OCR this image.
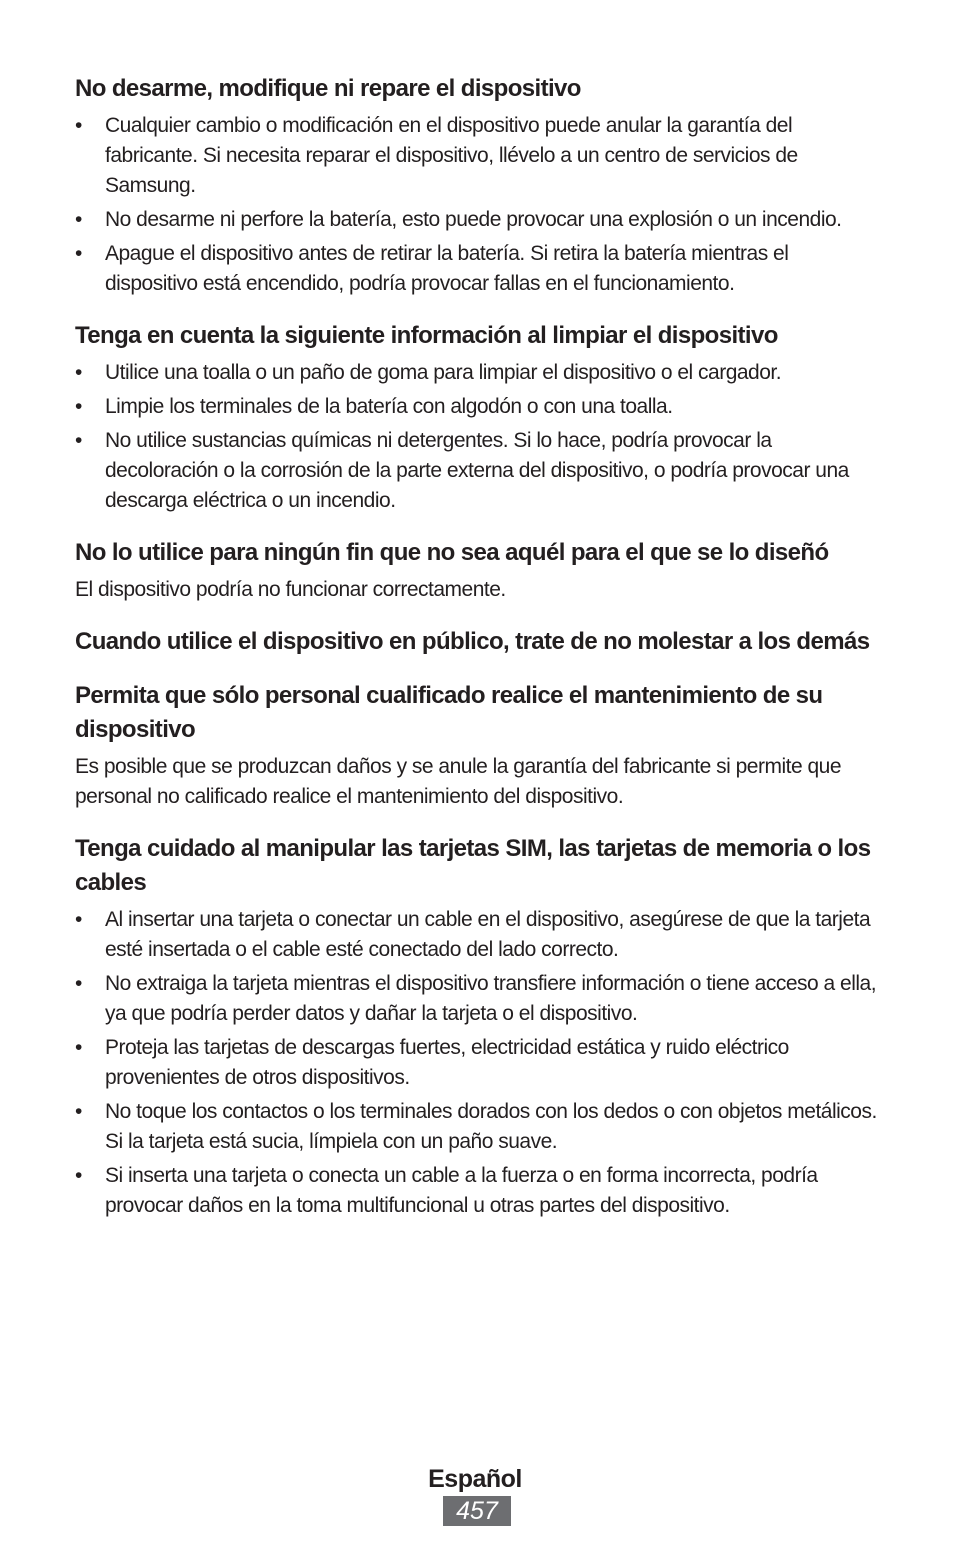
No desarme, modifique ni repare el dispositivo
• Cualquier cambio o modificación en el dispositivo puede anular la garantía del fabricante. Si necesita reparar el dispositivo, llévelo a un centro de servicios de Samsung.
• No desarme ni perfore la batería, esto puede provocar una explosión o un incendio.
• Apague el dispositivo antes de retirar la batería. Si retira la batería mientras el dispositivo está encendido, podría provocar fallas en el funcionamiento.
Tenga en cuenta la siguiente información al limpiar el dispositivo
• Utilice una toalla o un paño de goma para limpiar el dispositivo o el cargador.
• Limpie los terminales de la batería con algodón o con una toalla.
• No utilice sustancias químicas ni detergentes. Si lo hace, podría provocar la decoloración o la corrosión de la parte externa del dispositivo, o podría provocar una descarga eléctrica o un incendio.
No lo utilice para ningún fin que no sea aquél para el que se lo diseñó

El dispositivo podría no funcionar correctamente.

Cuando utilice el dispositivo en público, trate de no molestar a los demás
Permita que sólo personal cualificado realice el mantenimiento de su dispositivo

Es posible que se produzcan daños y se anule la garantía del fabricante si permite que personal no calificado realice el mantenimiento del dispositivo.

Tenga cuidado al manipular las tarjetas SIM, las tarjetas de memoria o los cables
• Al insertar una tarjeta o conectar un cable en el dispositivo, asegúrese de que la tarjeta esté insertada o el cable esté conectado del lado correcto.
• No extraiga la tarjeta mientras el dispositivo transfiere información o tiene acceso a ella, ya que podría perder datos y dañar la tarjeta o el dispositivo.
• Proteja las tarjetas de descargas fuertes, electricidad estática y ruido eléctrico provenientes de otros dispositivos.
• No toque los contactos o los terminales dorados con los dedos o con objetos metálicos. Si la tarjeta está sucia, límpiela con un paño suave.
• Si inserta una tarjeta o conecta un cable a la fuerza o en forma incorrecta, podría provocar daños en la toma multifuncional u otras partes del dispositivo.
Español
457
